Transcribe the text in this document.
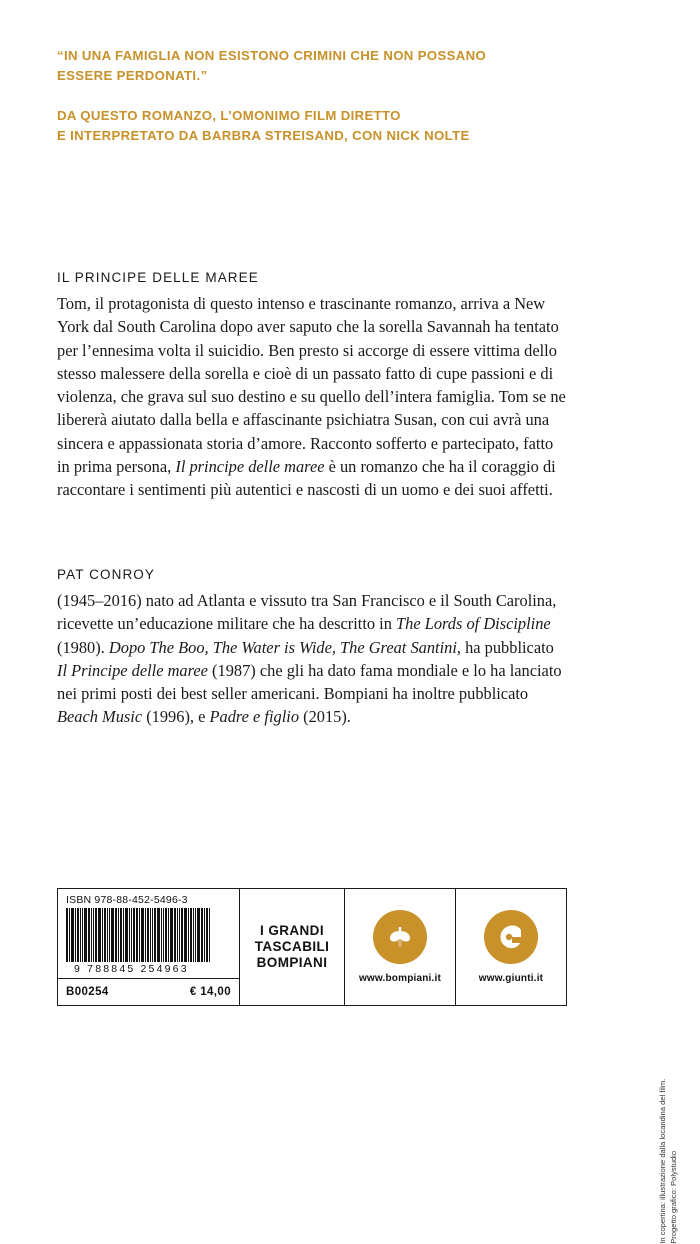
“IN UNA FAMIGLIA NON ESISTONO CRIMINI CHE NON POSSANO
ESSERE PERDONATI.”
DA QUESTO ROMANZO, L’OMONIMO FILM DIRETTO
E INTERPRETATO DA BARBRA STREISAND, CON NICK NOLTE
IL PRINCIPE DELLE MAREE
Tom, il protagonista di questo intenso e trascinante romanzo, arriva a New York dal South Carolina dopo aver saputo che la sorella Savannah ha tentato per l’ennesima volta il suicidio. Ben presto si accorge di essere vittima dello stesso malessere della sorella e cioè di un passato fatto di cupe passioni e di violenza, che grava sul suo destino e su quello dell’intera famiglia. Tom se ne libererà aiutato dalla bella e affascinante psichiatra Susan, con cui avrà una sincera e appassionata storia d’amore. Racconto sofferto e partecipato, fatto in prima persona, Il principe delle maree è un romanzo che ha il coraggio di raccontare i sentimenti più autentici e nascosti di un uomo e dei suoi affetti.
PAT CONROY
(1945–2016) nato ad Atlanta e vissuto tra San Francisco e il South Carolina, ricevette un’educazione militare che ha descritto in The Lords of Discipline (1980). Dopo The Boo, The Water is Wide, The Great Santini, ha pubblicato Il Principe delle maree (1987) che gli ha dato fama mondiale e lo ha lanciato nei primi posti dei best seller americani. Bompiani ha inoltre pubblicato Beach Music (1996), e Padre e figlio (2015).
ISBN 978-88-452-5496-3
9 788845 254963
B00254	€ 14,00
I GRANDI
TASCABILI
BOMPIANI
www.bompiani.it	www.giunti.it
In copertina: illustrazione dalla locandina del film. Progetto grafico: Polystudio
